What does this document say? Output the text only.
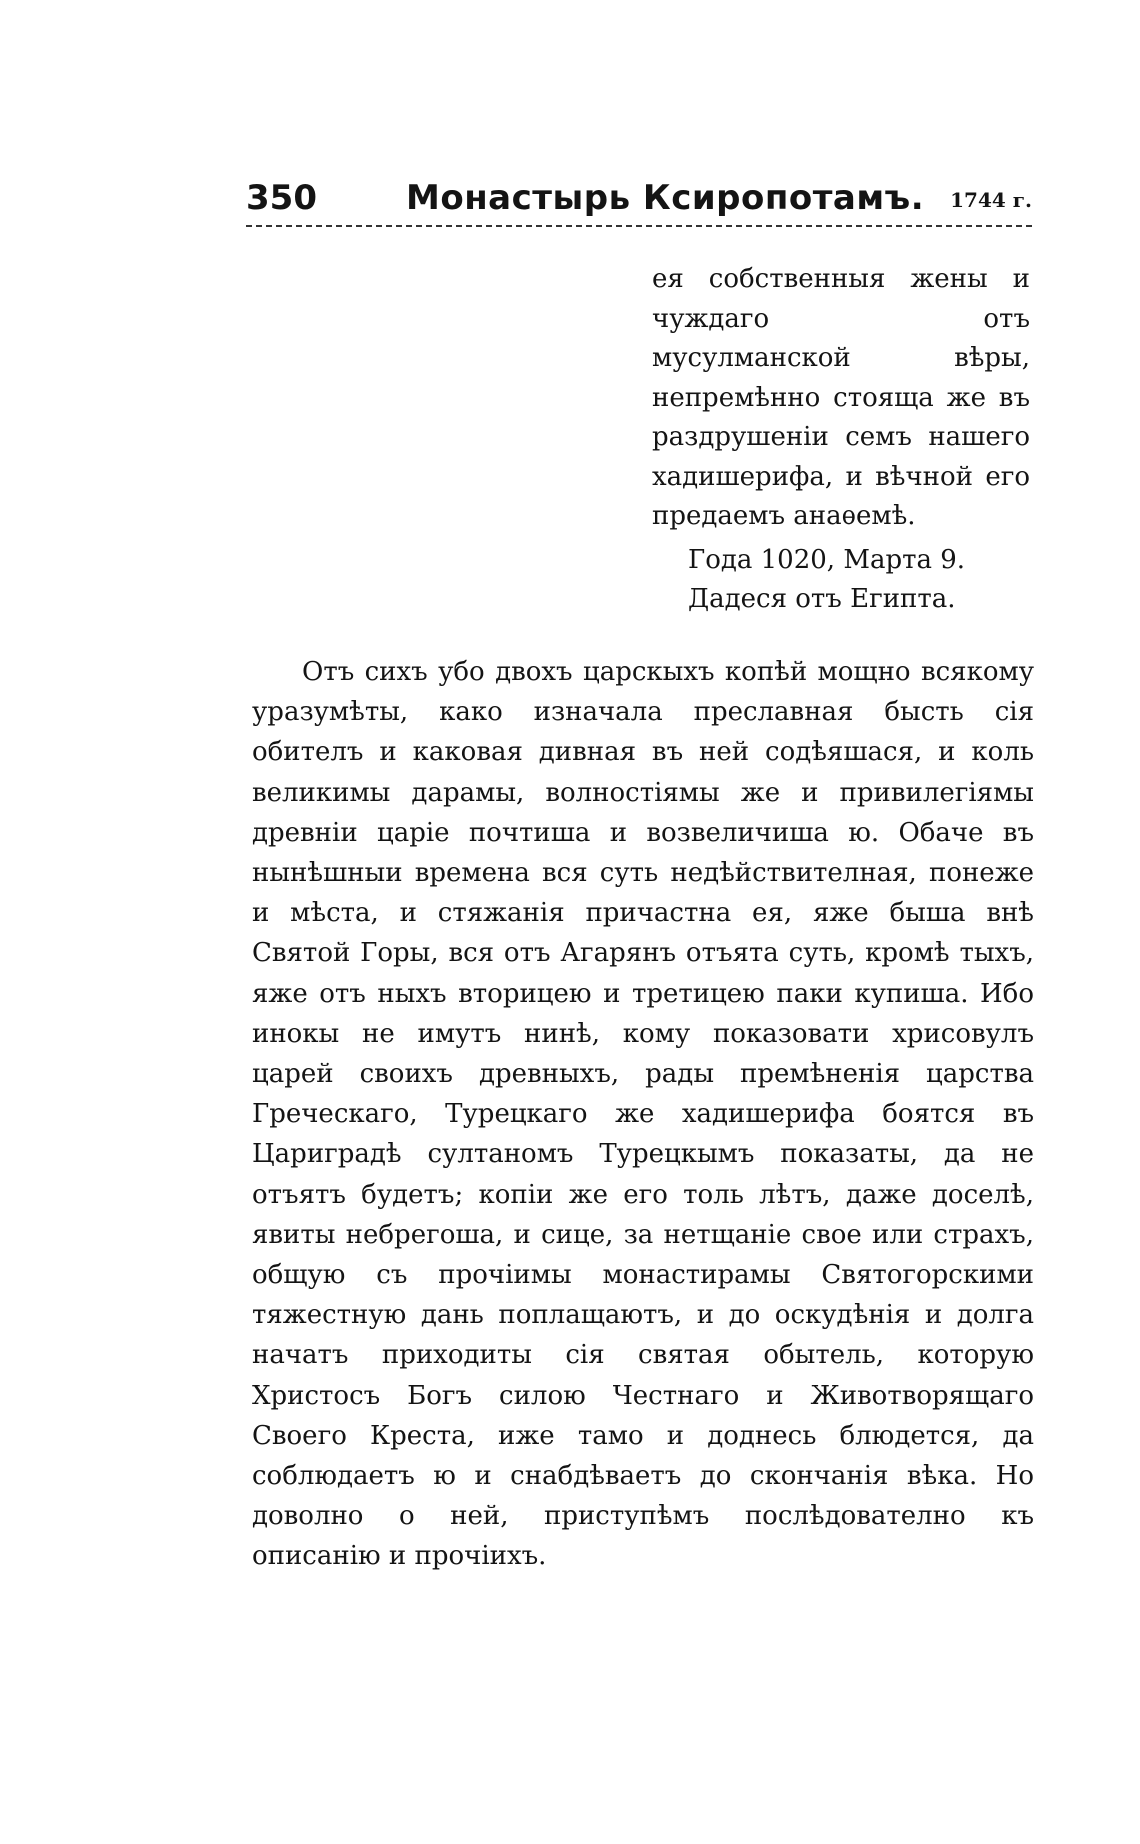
350	Монастырь Ксиропотамъ. 1744 г.

ея собственныя жены и чуждаго отъ мусулманской вѣры, непремѣнно стояща же въ раздрушеніи семъ нашего хадишерифа, и вѣчной его предаемъ анаѳемѣ.

Года 1020, Марта 9.

Дадеся отъ Египта.

Отъ сихъ убо двохъ царскыхъ копѣй мощно всякому уразумѣты, како изначала преславная бысть сія обителъ и каковая дивная въ ней содѣяшася, и коль великимы дарамы, волностіямы же и привилегіямы древніи царіе почтиша и возвеличиша ю. Обаче въ нынѣшныи времена вся суть недѣйствителная, понеже и мѣста, и стяжанія причастна ея, яже быша внѣ Святой Горы, вся отъ Агарянъ отъята суть, кромѣ тыхъ, яже отъ ныхъ вторицею и третицею паки купиша. Ибо инокы не имутъ нинѣ, кому показовати хрисовулъ царей своихъ древныхъ, рады премѣненія царства Греческаго, Турецкаго же хадишерифа боятся въ Цариградѣ султаномъ Турецкымъ показаты, да не отъятъ будетъ; копіи же его толь лѣтъ, даже доселѣ, явиты небрегоша, и сице, за нетщаніе свое или страхъ, общую съ прочіимы монастирамы Святогорскими тяжестную дань поплащаютъ, и до оскудѣнія и долга начатъ приходиты сія святая обытель, которую Христосъ Богъ силою Честнаго и Животворящаго Своего Креста, иже тамо и доднесь блюдется, да соблюдаетъ ю и снабдѣваетъ до скончанія вѣка. Но доволно о ней, приступѣмъ послѣдователно къ описанію и прочіихъ.
